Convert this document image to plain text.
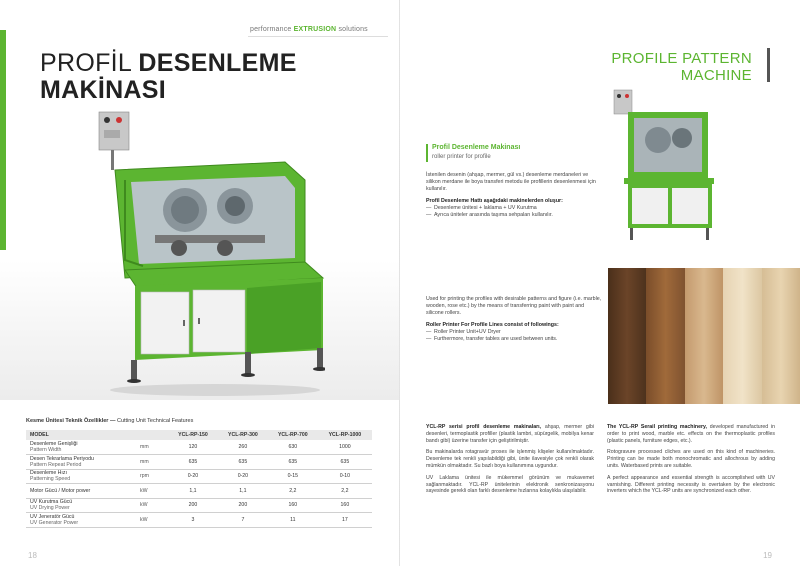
performance EXTRUSION solutions
PROFİL DESENLEME
MAKİNASI
Kesme Ünitesi Teknik Özellikler — Cutting Unit Technical Features
MODEL		YCL-RP-150	YCL-RP-300	YCL-RP-700	YCL-RP-1000
Desenleme Genişliği
Pattern Width	mm	120	260	630	1000
Desen Tekrarlama Periyodu
Pattern Repeat Period	mm	635	635	635	635
Desenleme Hızı
Patterning Speed	rpm	0-20	0-20	0-15	0-10
Motor Gücü / Motor power	kW	1,1	1,1	2,2	2,2
UV Kurutma Gücü
UV Drying Power	kW	200	200	160	160
UV Jeneratör Gücü
UV Generator Power	kW	3	7	11	17
18
PROFILE PATTERN
MACHINE
Profil Desenleme Makinası
roller printer for profile

İstenilen desenin (ahşap, mermer, gül vs.) desenleme merdaneleri ve silikon merdane ile boya transferi metodu ile profillerin desenlenmesi için kullanılır.

Profil Desenleme Hattı aşağıdaki makinelerden oluşur:

— Desenleme ünitesi + laklama + UV Kurutma
— Ayrıca üniteler arasında taşıma sehpaları kullanılır.

Used for printing the profiles with desirable patterns and figure (i.e. marble, wooden, rose etc.) by the means of transferring paint with paint and silicone rollers.

Roller Printer For Profile Lines consist of followings:

— Roller Printer Unit+UV Dryer
— Furthermore, transfer tables are used between units.

YCL-RP serisi profil desenleme makinaları, ahşap, mermer gibi desenleri, termoplastik profiller (plastik lambri, süpürgelik, mobilya kenar bandı gibi) üzerine transfer için geliştirilmiştir.

Bu makinalarda rotagravür proses ile işlenmiş klişeler kullanılmaktadır. Desenleme tek renkli yapılabildiği gibi, ünite ilavesiyle çok renkli olarak mümkün olmaktadır. Su bazlı boya kullanımına uygundur.

UV Laklama ünitesi ile mükemmel görünüm ve mukavemet sağlanmaktadır. YCL-RP ünitelerinin elektronik senkronizasyonu sayesinde gerekli olan farklı desenleme hızlarına kolaylıkla ulaşılabilir.

The YCL-RP Serail printing machinery, developed manufactured in order to print wood, marble etc. effects on the thermoplastic profiles (plastic panels, furniture edges, etc.).

Rotogravure processed cliches are used on this kind of machineries. Printing can be made both monochromatic and allochrous by adding units. Waterbased prints are suitable.

A perfect appearance and essential strength is accomplished with UV varnishing. Different printing necessity is overtaken by the electronic inverters which the YCL-RP units are synchronized each other.

19
